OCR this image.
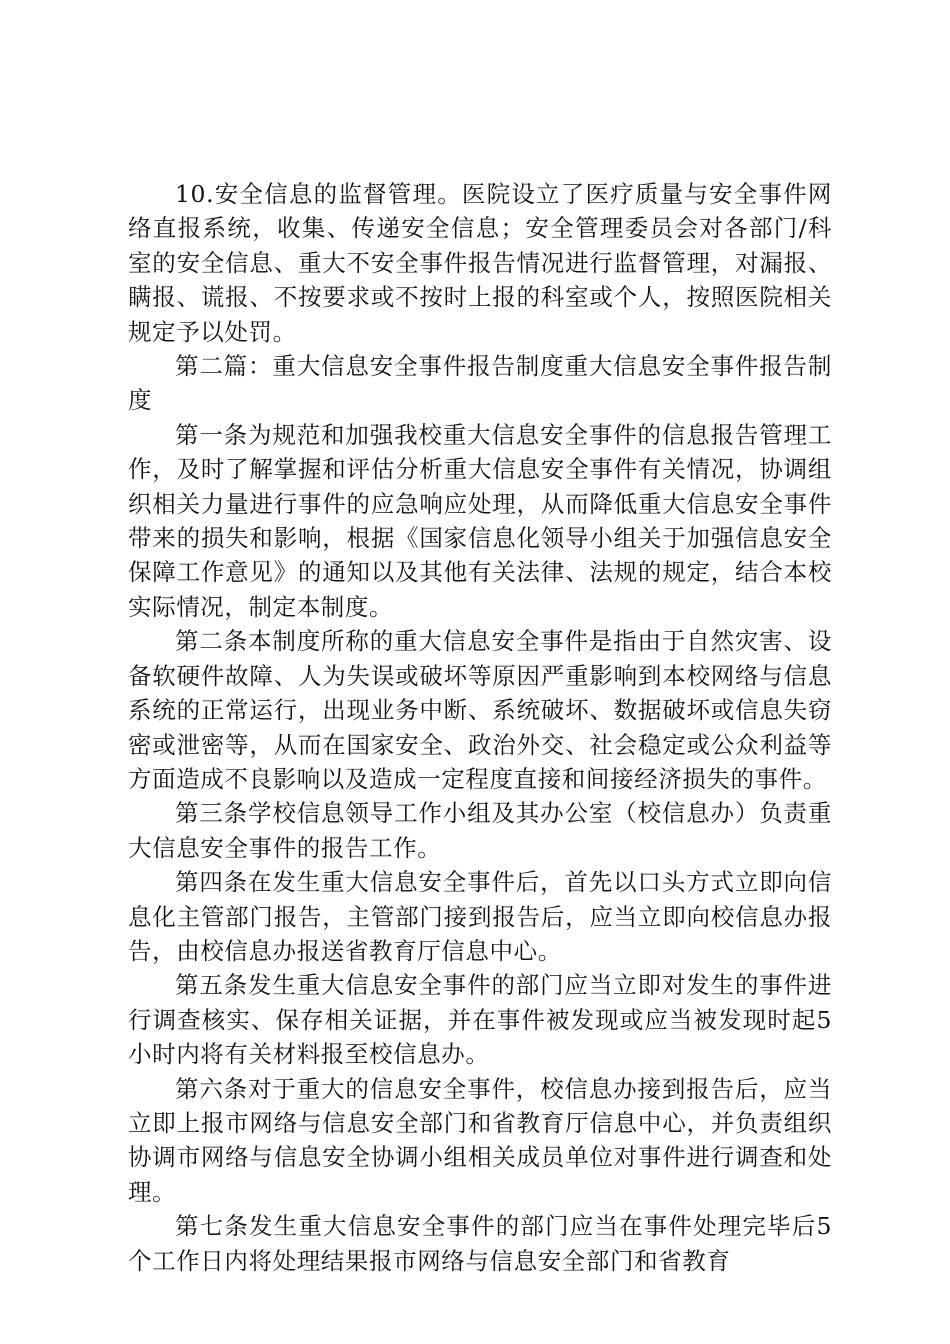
10.安全信息的监督管理。医院设立了医疗质量与安全事件网络直报系统，收集、传递安全信息；安全管理委员会对各部门/科室的安全信息、重大不安全事件报告情况进行监督管理，对漏报、瞒报、谎报、不按要求或不按时上报的科室或个人，按照医院相关规定予以处罚。

第二篇：重大信息安全事件报告制度重大信息安全事件报告制度

第一条为规范和加强我校重大信息安全事件的信息报告管理工作，及时了解掌握和评估分析重大信息安全事件有关情况，协调组织相关力量进行事件的应急响应处理，从而降低重大信息安全事件带来的损失和影响，根据《国家信息化领导小组关于加强信息安全保障工作意见》的通知以及其他有关法律、法规的规定，结合本校实际情况，制定本制度。

第二条本制度所称的重大信息安全事件是指由于自然灾害、设备软硬件故障、人为失误或破坏等原因严重影响到本校网络与信息系统的正常运行，出现业务中断、系统破坏、数据破坏或信息失窃密或泄密等，从而在国家安全、政治外交、社会稳定或公众利益等方面造成不良影响以及造成一定程度直接和间接经济损失的事件。

第三条学校信息领导工作小组及其办公室（校信息办）负责重大信息安全事件的报告工作。

第四条在发生重大信息安全事件后，首先以口头方式立即向信息化主管部门报告，主管部门接到报告后，应当立即向校信息办报告，由校信息办报送省教育厅信息中心。

第五条发生重大信息安全事件的部门应当立即对发生的事件进行调查核实、保存相关证据，并在事件被发现或应当被发现时起5小时内将有关材料报至校信息办。

第六条对于重大的信息安全事件，校信息办接到报告后，应当立即上报市网络与信息安全部门和省教育厅信息中心，并负责组织协调市网络与信息安全协调小组相关成员单位对事件进行调查和处理。

第七条发生重大信息安全事件的部门应当在事件处理完毕后5个工作日内将处理结果报市网络与信息安全部门和省教育
